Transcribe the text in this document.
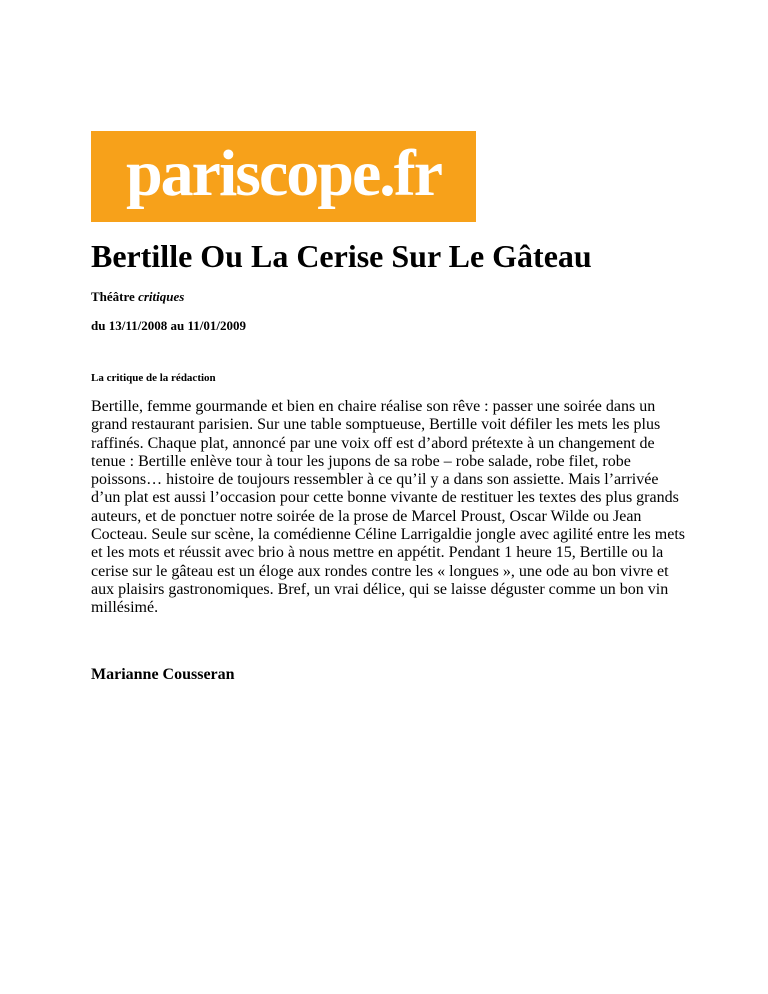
pariscope.fr
Bertille Ou La Cerise Sur Le Gâteau
Théâtre critiques
du 13/11/2008 au 11/01/2009
La critique de la rédaction

Bertille, femme gourmande et bien en chaire réalise son rêve : passer une soirée dans un grand restaurant parisien. Sur une table somptueuse, Bertille voit défiler les mets les plus raffinés. Chaque plat, annoncé par une voix off est d’abord prétexte à un changement de tenue : Bertille enlève tour à tour les jupons de sa robe – robe salade, robe filet, robe poissons… histoire de toujours ressembler à ce qu’il y a dans son assiette. Mais l’arrivée d’un plat est aussi l’occasion pour cette bonne vivante de restituer les textes des plus grands auteurs, et de ponctuer notre soirée de la prose de Marcel Proust, Oscar Wilde ou Jean Cocteau. Seule sur scène, la comédienne Céline Larrigaldie jongle avec agilité entre les mets et les mots et réussit avec brio à nous mettre en appétit. Pendant 1 heure 15, Bertille ou la cerise sur le gâteau est un éloge aux rondes contre les « longues », une ode au bon vivre et aux plaisirs gastronomiques. Bref, un vrai délice, qui se laisse déguster comme un bon vin millésimé.

Marianne Cousseran
